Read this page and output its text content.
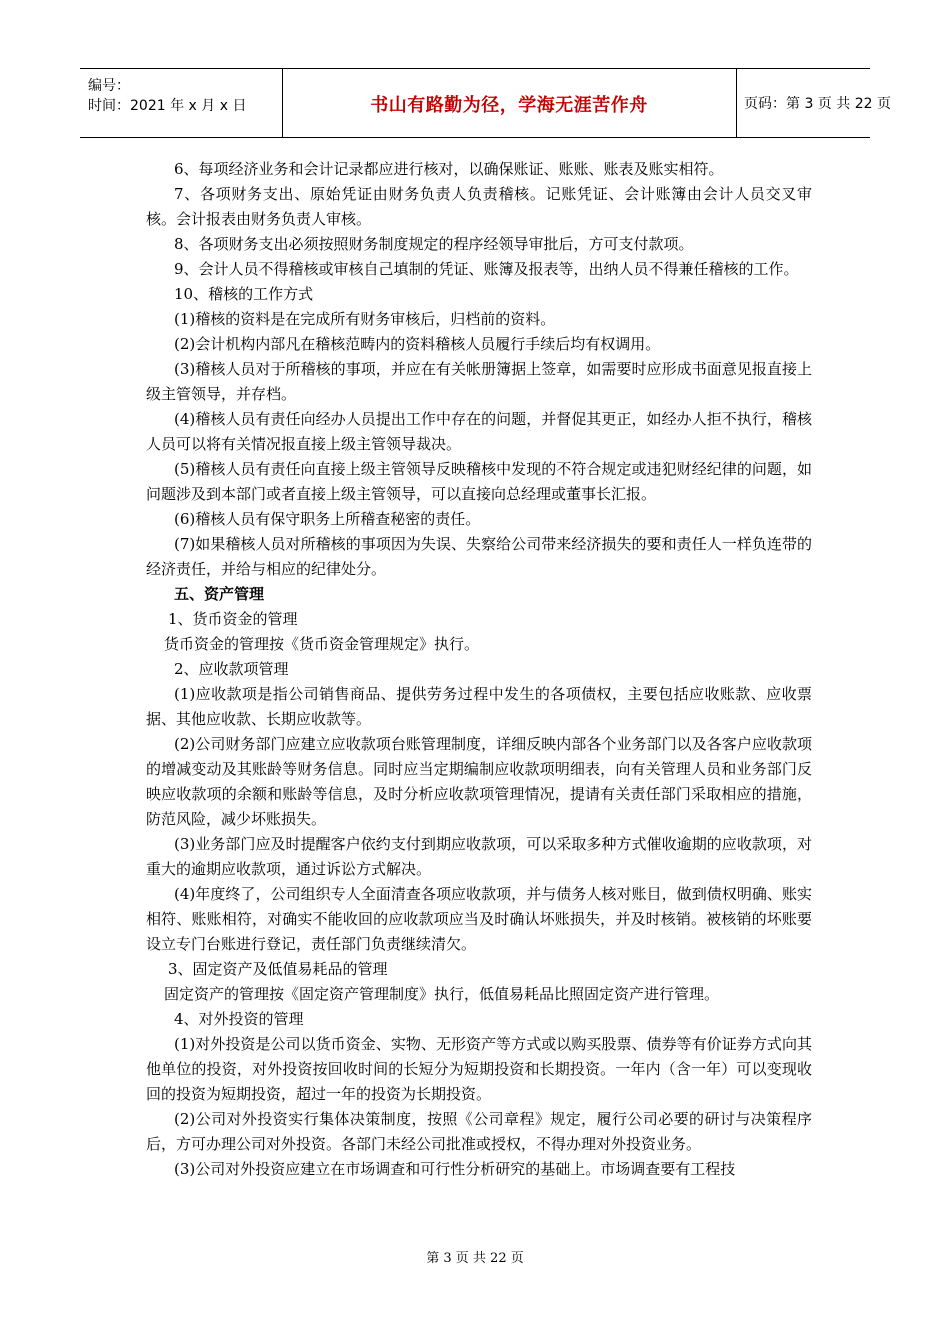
编号：
时间：2021 年 x 月 x 日	书山有路勤为径，学海无涯苦作舟	页码：第 3 页 共 22 页

6、每项经济业务和会计记录都应进行核对，以确保账证、账账、账表及账实相符。

7、各项财务支出、原始凭证由财务负责人负责稽核。记账凭证、会计账簿由会计人员交叉审核。会计报表由财务负责人审核。

8、各项财务支出必须按照财务制度规定的程序经领导审批后，方可支付款项。

9、会计人员不得稽核或审核自己填制的凭证、账簿及报表等，出纳人员不得兼任稽核的工作。

10、稽核的工作方式

(1)稽核的资料是在完成所有财务审核后，归档前的资料。

(2)会计机构内部凡在稽核范畴内的资料稽核人员履行手续后均有权调用。

(3)稽核人员对于所稽核的事项，并应在有关帐册簿据上签章，如需要时应形成书面意见报直接上级主管领导，并存档。

(4)稽核人员有责任向经办人员提出工作中存在的问题，并督促其更正，如经办人拒不执行，稽核人员可以将有关情况报直接上级主管领导裁决。

(5)稽核人员有责任向直接上级主管领导反映稽核中发现的不符合规定或违犯财经纪律的问题，如问题涉及到本部门或者直接上级主管领导，可以直接向总经理或董事长汇报。

(6)稽核人员有保守职务上所稽查秘密的责任。

(7)如果稽核人员对所稽核的事项因为失误、失察给公司带来经济损失的要和责任人一样负连带的经济责任，并给与相应的纪律处分。

五、资产管理

1、货币资金的管理

货币资金的管理按《货币资金管理规定》执行。

2、应收款项管理

(1)应收款项是指公司销售商品、提供劳务过程中发生的各项债权，主要包括应收账款、应收票据、其他应收款、长期应收款等。

(2)公司财务部门应建立应收款项台账管理制度，详细反映内部各个业务部门以及各客户应收款项的增减变动及其账龄等财务信息。同时应当定期编制应收款项明细表，向有关管理人员和业务部门反映应收款项的余额和账龄等信息，及时分析应收款项管理情况，提请有关责任部门采取相应的措施，防范风险，减少坏账损失。

(3)业务部门应及时提醒客户依约支付到期应收款项，可以采取多种方式催收逾期的应收款项，对重大的逾期应收款项，通过诉讼方式解决。

(4)年度终了，公司组织专人全面清查各项应收款项，并与债务人核对账目，做到债权明确、账实相符、账账相符，对确实不能收回的应收款项应当及时确认坏账损失，并及时核销。被核销的坏账要设立专门台账进行登记，责任部门负责继续清欠。

3、固定资产及低值易耗品的管理

固定资产的管理按《固定资产管理制度》执行，低值易耗品比照固定资产进行管理。

4、对外投资的管理

(1)对外投资是公司以货币资金、实物、无形资产等方式或以购买股票、债券等有价证券方式向其他单位的投资，对外投资按回收时间的长短分为短期投资和长期投资。一年内（含一年）可以变现收回的投资为短期投资，超过一年的投资为长期投资。

(2)公司对外投资实行集体决策制度，按照《公司章程》规定，履行公司必要的研讨与决策程序后，方可办理公司对外投资。各部门未经公司批准或授权，不得办理对外投资业务。

(3)公司对外投资应建立在市场调查和可行性分析研究的基础上。市场调查要有工程技

第 3 页 共 22 页
